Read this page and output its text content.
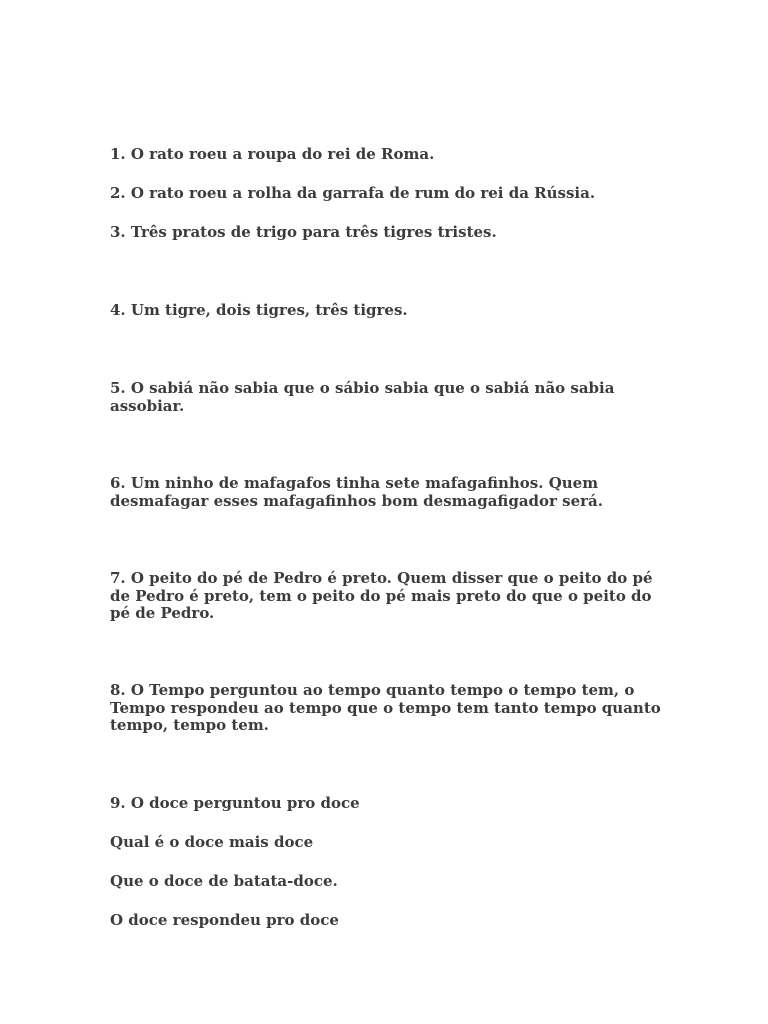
1. O rato roeu a roupa do rei de Roma.

2. O rato roeu a rolha da garrafa de rum do rei da Rússia.

3. Três pratos de trigo para três tigres tristes.

4. Um tigre, dois tigres, três tigres.

5. O sabiá não sabia que o sábio sabia que o sabiá não sabia assobiar.

6. Um ninho de mafagafos tinha sete mafagafinhos. Quem desmafagar esses mafagafinhos bom desmagafigador será.

7. O peito do pé de Pedro é preto. Quem disser que o peito do pé de Pedro é preto, tem o peito do pé mais preto do que o peito do pé de Pedro.

8. O Tempo perguntou ao tempo quanto tempo o tempo tem, o Tempo respondeu ao tempo que o tempo tem tanto tempo quanto tempo, tempo tem.

9. O doce perguntou pro doce

Qual é o doce mais doce

Que o doce de batata-doce.

O doce respondeu pro doce
